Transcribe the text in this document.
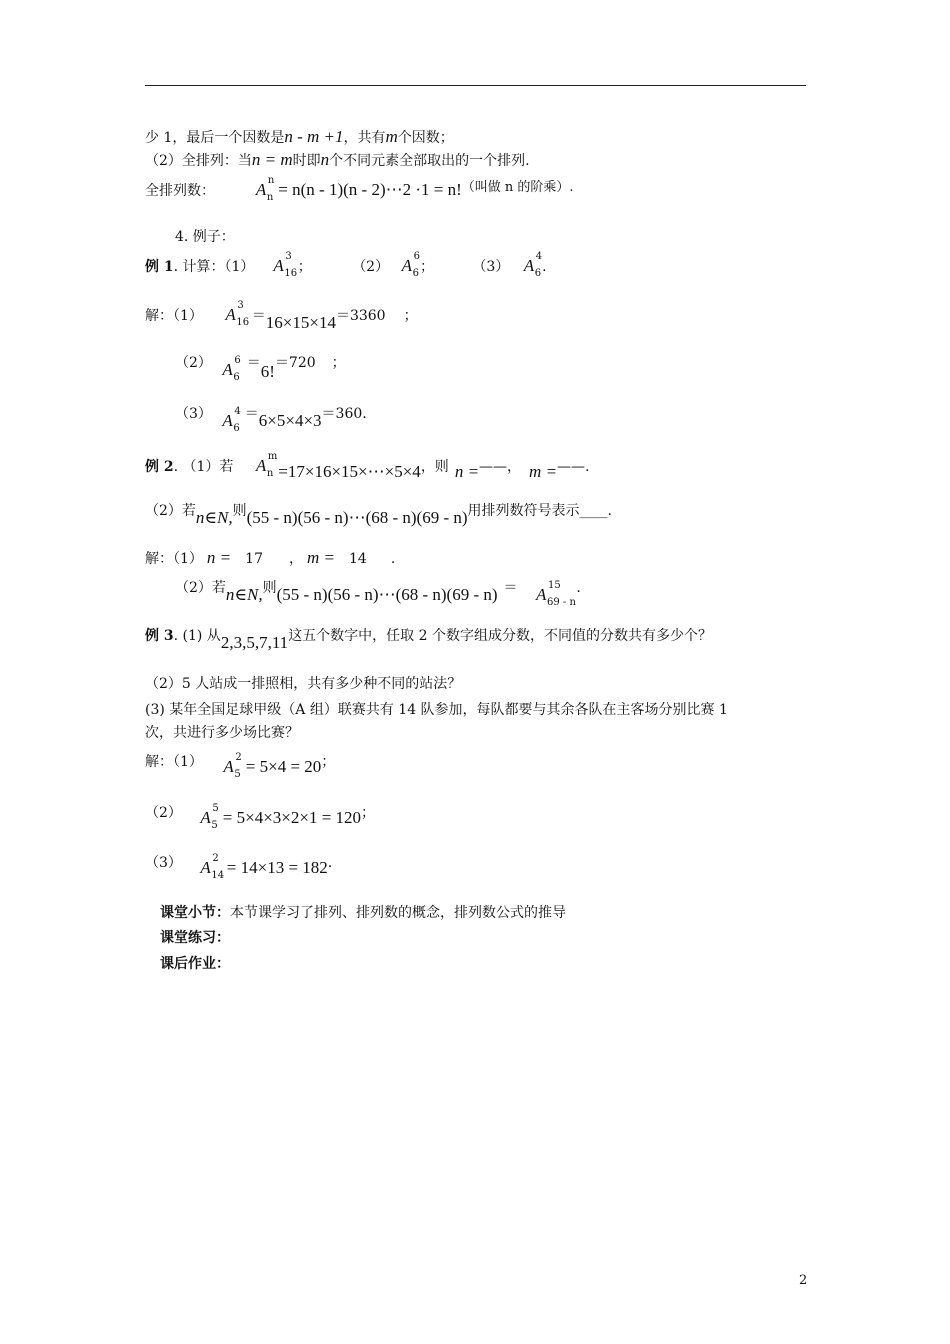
少 1，最后一个因数是n - m +1，共有m个因数；
（2）全排列：当n = m时即n个不同元素全部取出的一个排列.
全排列数： A n
n = n(n - 1)(n - 2)⋯2 ·1 = n!（叫做 n 的阶乘）.
4. 例子：
例 1. 计算：（1） A 3
16 ；	（2） A 6
6 ；	（3） A 4
6 .
解：（1） A 3
16 ＝16×15×14＝3360 ；
（2） A 6
6
＝6!＝720 ；
（3） A 4
6
＝6×5×4×3＝360.
例 2. （1）若 A m
n =17×16×15×⋯×5×4，则 n =——， m =——.
（2）若n∈N,则(55 - n)(56 - n)⋯(68 - n)(69 - n)用排列数符号表示____.
解：（1） n = 17 ， m = 14 .
（2）若n∈N,则(55 - n)(56 - n)⋯(68 - n)(69 - n) ＝ A 15
69 - n
.
例 3. (1) 从2,3,5,7,11这五个数字中，任取 2 个数字组成分数，不同值的分数共有多少个？
（2）5 人站成一排照相，共有多少种不同的站法？
(3) 某年全国足球甲级（A 组）联赛共有 14 队参加，每队都要与其余各队在主客场分别比赛 1
次，共进行多少场比赛？
解：（1） A 2
5 = 5×4 = 20；
（2） A 5
5 = 5×4×3×2×1 = 120；
（3） A 2
14 = 14×13 = 182.
课堂小节：本节课学习了排列、排列数的概念，排列数公式的推导
课堂练习：
课后作业：
2
